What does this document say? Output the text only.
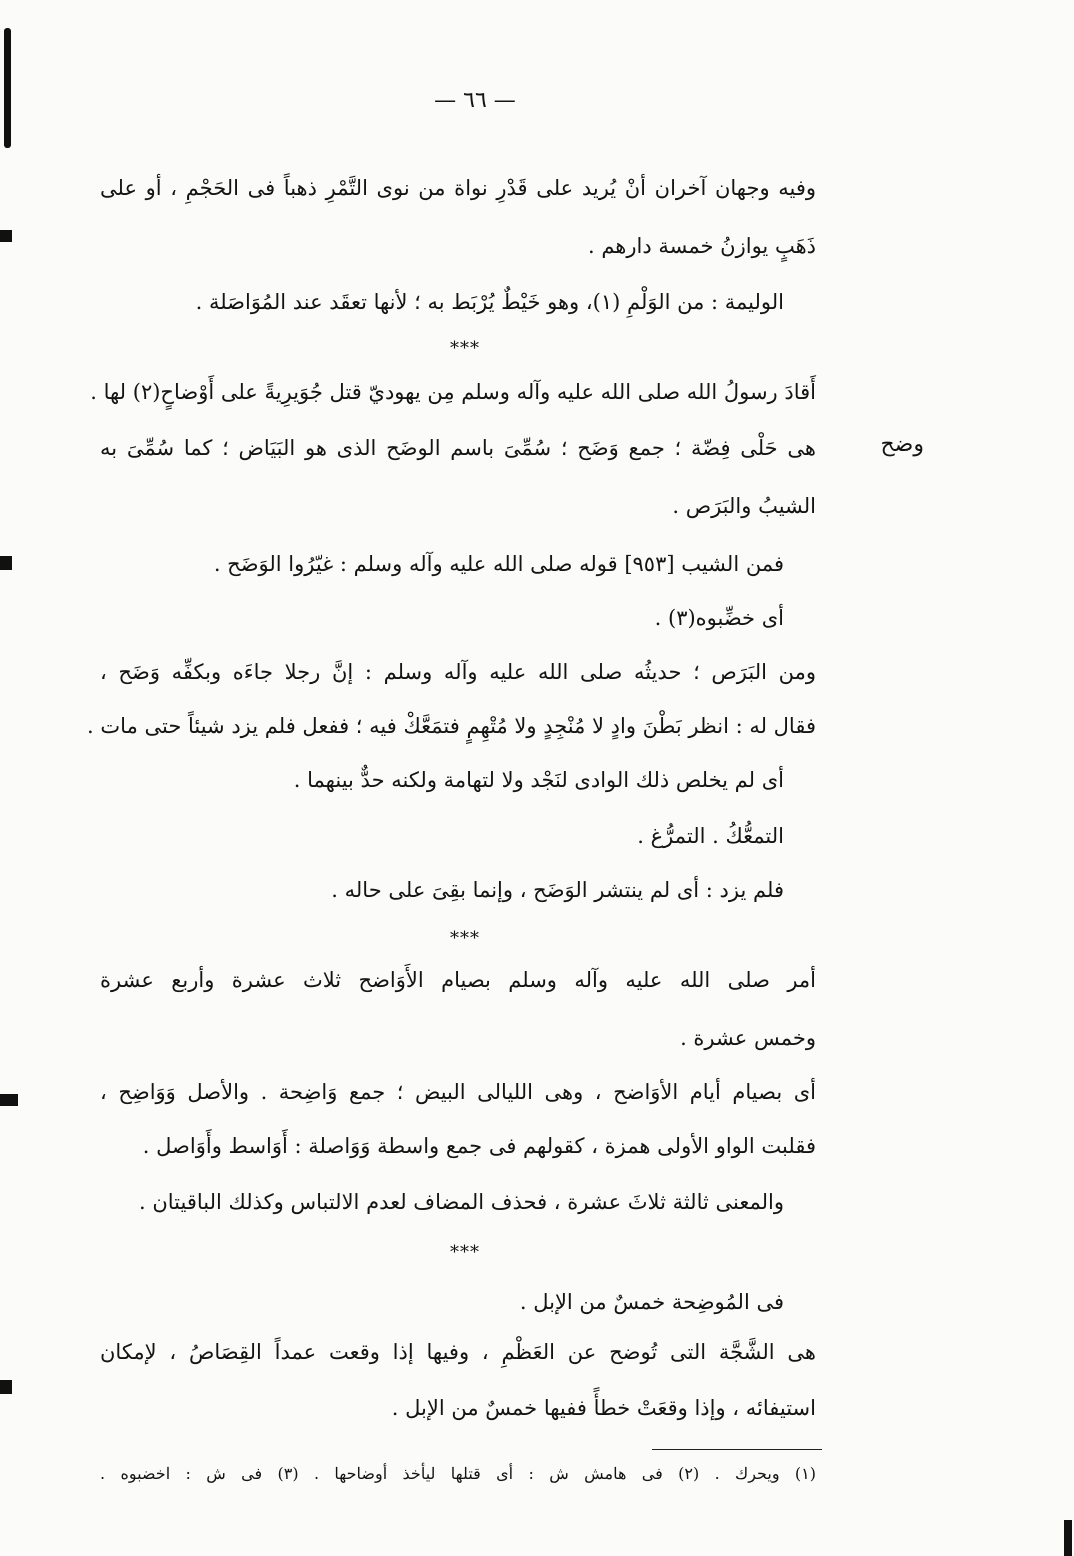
— ٦٦ —
وفيه وجهان آخران أنْ يُريد على قَدْرِ نواة من نوى التَّمْرِ ذهباً فى الحَجْمِ ، أو على
ذَهَبٍ يوازنُ خمسة دارهم .
الوليمة : من الوَلْمِ (١)، وهو خَيْطٌ يُرْبَط به ؛ لأنها تعقَد عند المُوَاصَلة .
***
أَقادَ رسولُ الله صلى الله عليه وآله وسلم مِن يهوديّ قتل جُوَيرِيةً على أَوْضاحٍ(٢) لها .
وضح
هى حَلْى فِضّة ؛ جمع وَضَح ؛ سُمِّىَ باسم الوضَح الذى هو البَيَاض ؛ كما سُمِّىَ به
الشيبُ والبَرَص .
فمن الشيب [٩٥٣] قوله صلى الله عليه وآله وسلم : غيّرُوا الوَضَح .
أى خضِّبوه(٣) .
ومن البَرَص ؛ حديثُه صلى الله عليه وآله وسلم : إنَّ رجلا جاءَه وبكفِّه وَضَح ،
فقال له : انظر بَطْنَ وادٍ لا مُنْجِدٍ ولا مُتْهِمٍ فتمَعَّكْ فيه ؛ ففعل فلم يزد شيئاً حتى مات .
أى لم يخلص ذلك الوادى لنَجْد ولا لتهامة ولكنه حدٌّ بينهما .
التمعُّكُ . التمرُّغ .
فلم يزد : أى لم ينتشر الوَضَح ، وإنما بقِىَ على حاله .
***
أمر صلى الله عليه وآله وسلم بصيام الأَوَاضح ثلاث عشرة وأربع عشرة
وخمس عشرة .
أى بصيام أيام الأوَاضح ، وهى الليالى البيض ؛ جمع وَاضِحة . والأصل وَوَاضِح ،
فقلبت الواو الأولى همزة ، كقولهم فى جمع واسطة وَوَاصلة : أَوَاسط وأَوَاصل .
والمعنى ثالثة ثلاثَ عشرة ، فحذف المضاف لعدم الالتباس وكذلك الباقيتان .
***
فى المُوضِحة خمسٌ من الإبل .
هى الشَّجَّة التى تُوضح عن العَظْمِ ، وفيها إذا وقعت عمداً القِصَاصُ ، لإمكان
استيفائه ، وإذا وقعَتْ خطأً ففيها خمسٌ من الإبل .
(١) ويحرك . (٢) فى هامش ش : أى قتلها ليأخذ أوضاحها . (٣) فى ش : اخضبوه .
